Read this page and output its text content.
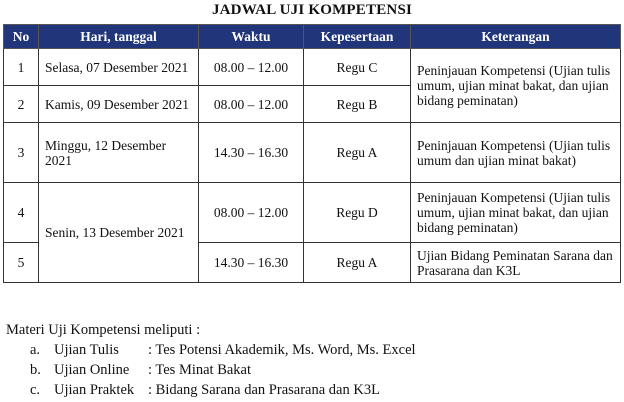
JADWAL UJI KOMPETENSI
No	Hari, tanggal	Waktu	Kepesertaan	Keterangan
1	Selasa, 07 Desember 2021	08.00 – 12.00	Regu C	Peninjauan Kompetensi (Ujian tulis umum, ujian minat bakat, dan ujian bidang peminatan)
2	Kamis, 09 Desember 2021	08.00 – 12.00	Regu B	
3	Minggu, 12 Desember 2021	14.30 – 16.30	Regu A	Peninjauan Kompetensi (Ujian tulis umum dan ujian minat bakat)
4	Senin, 13 Desember 2021	08.00 – 12.00	Regu D	Peninjauan Kompetensi (Ujian tulis umum, ujian minat bakat, dan ujian bidang peminatan)
5		14.30 – 16.30	Regu A	Ujian Bidang Peminatan Sarana dan Prasarana dan K3L
Materi Uji Kompetensi meliputi :
a. Ujian Tulis	: Tes Potensi Akademik, Ms. Word, Ms. Excel
b. Ujian Online	: Tes Minat Bakat
c. Ujian Praktek : Bidang Sarana dan Prasarana dan K3L
